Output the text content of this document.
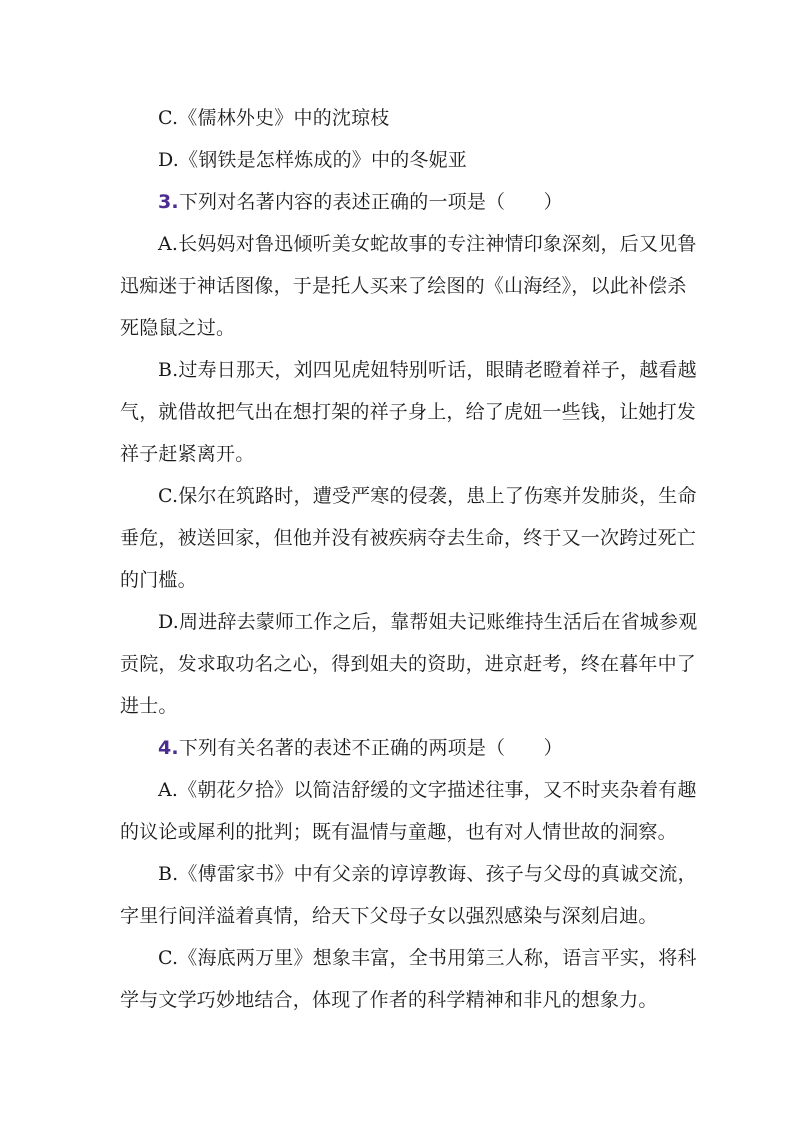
C.《儒林外史》中的沈琼枝
D.《钢铁是怎样炼成的》中的冬妮亚
3.下列对名著内容的表述正确的一项是（　　）
A.长妈妈对鲁迅倾听美女蛇故事的专注神情印象深刻，后又见鲁
迅痴迷于神话图像，于是托人买来了绘图的《山海经》，以此补偿杀
死隐鼠之过。
B.过寿日那天，刘四见虎妞特别听话，眼睛老瞪着祥子，越看越
气，就借故把气出在想打架的祥子身上，给了虎妞一些钱，让她打发
祥子赶紧离开。
C.保尔在筑路时，遭受严寒的侵袭，患上了伤寒并发肺炎，生命
垂危，被送回家，但他并没有被疾病夺去生命，终于又一次跨过死亡
的门槛。
D.周进辞去蒙师工作之后，靠帮姐夫记账维持生活后在省城参观
贡院，发求取功名之心，得到姐夫的资助，进京赶考，终在暮年中了
进士。
4.下列有关名著的表述不正确的两项是（　　）
A.《朝花夕拾》以简洁舒缓的文字描述往事，又不时夹杂着有趣
的议论或犀利的批判；既有温情与童趣，也有对人情世故的洞察。
B.《傅雷家书》中有父亲的谆谆教诲、孩子与父母的真诚交流，
字里行间洋溢着真情，给天下父母子女以强烈感染与深刻启迪。
C.《海底两万里》想象丰富，全书用第三人称，语言平实，将科
学与文学巧妙地结合，体现了作者的科学精神和非凡的想象力。
